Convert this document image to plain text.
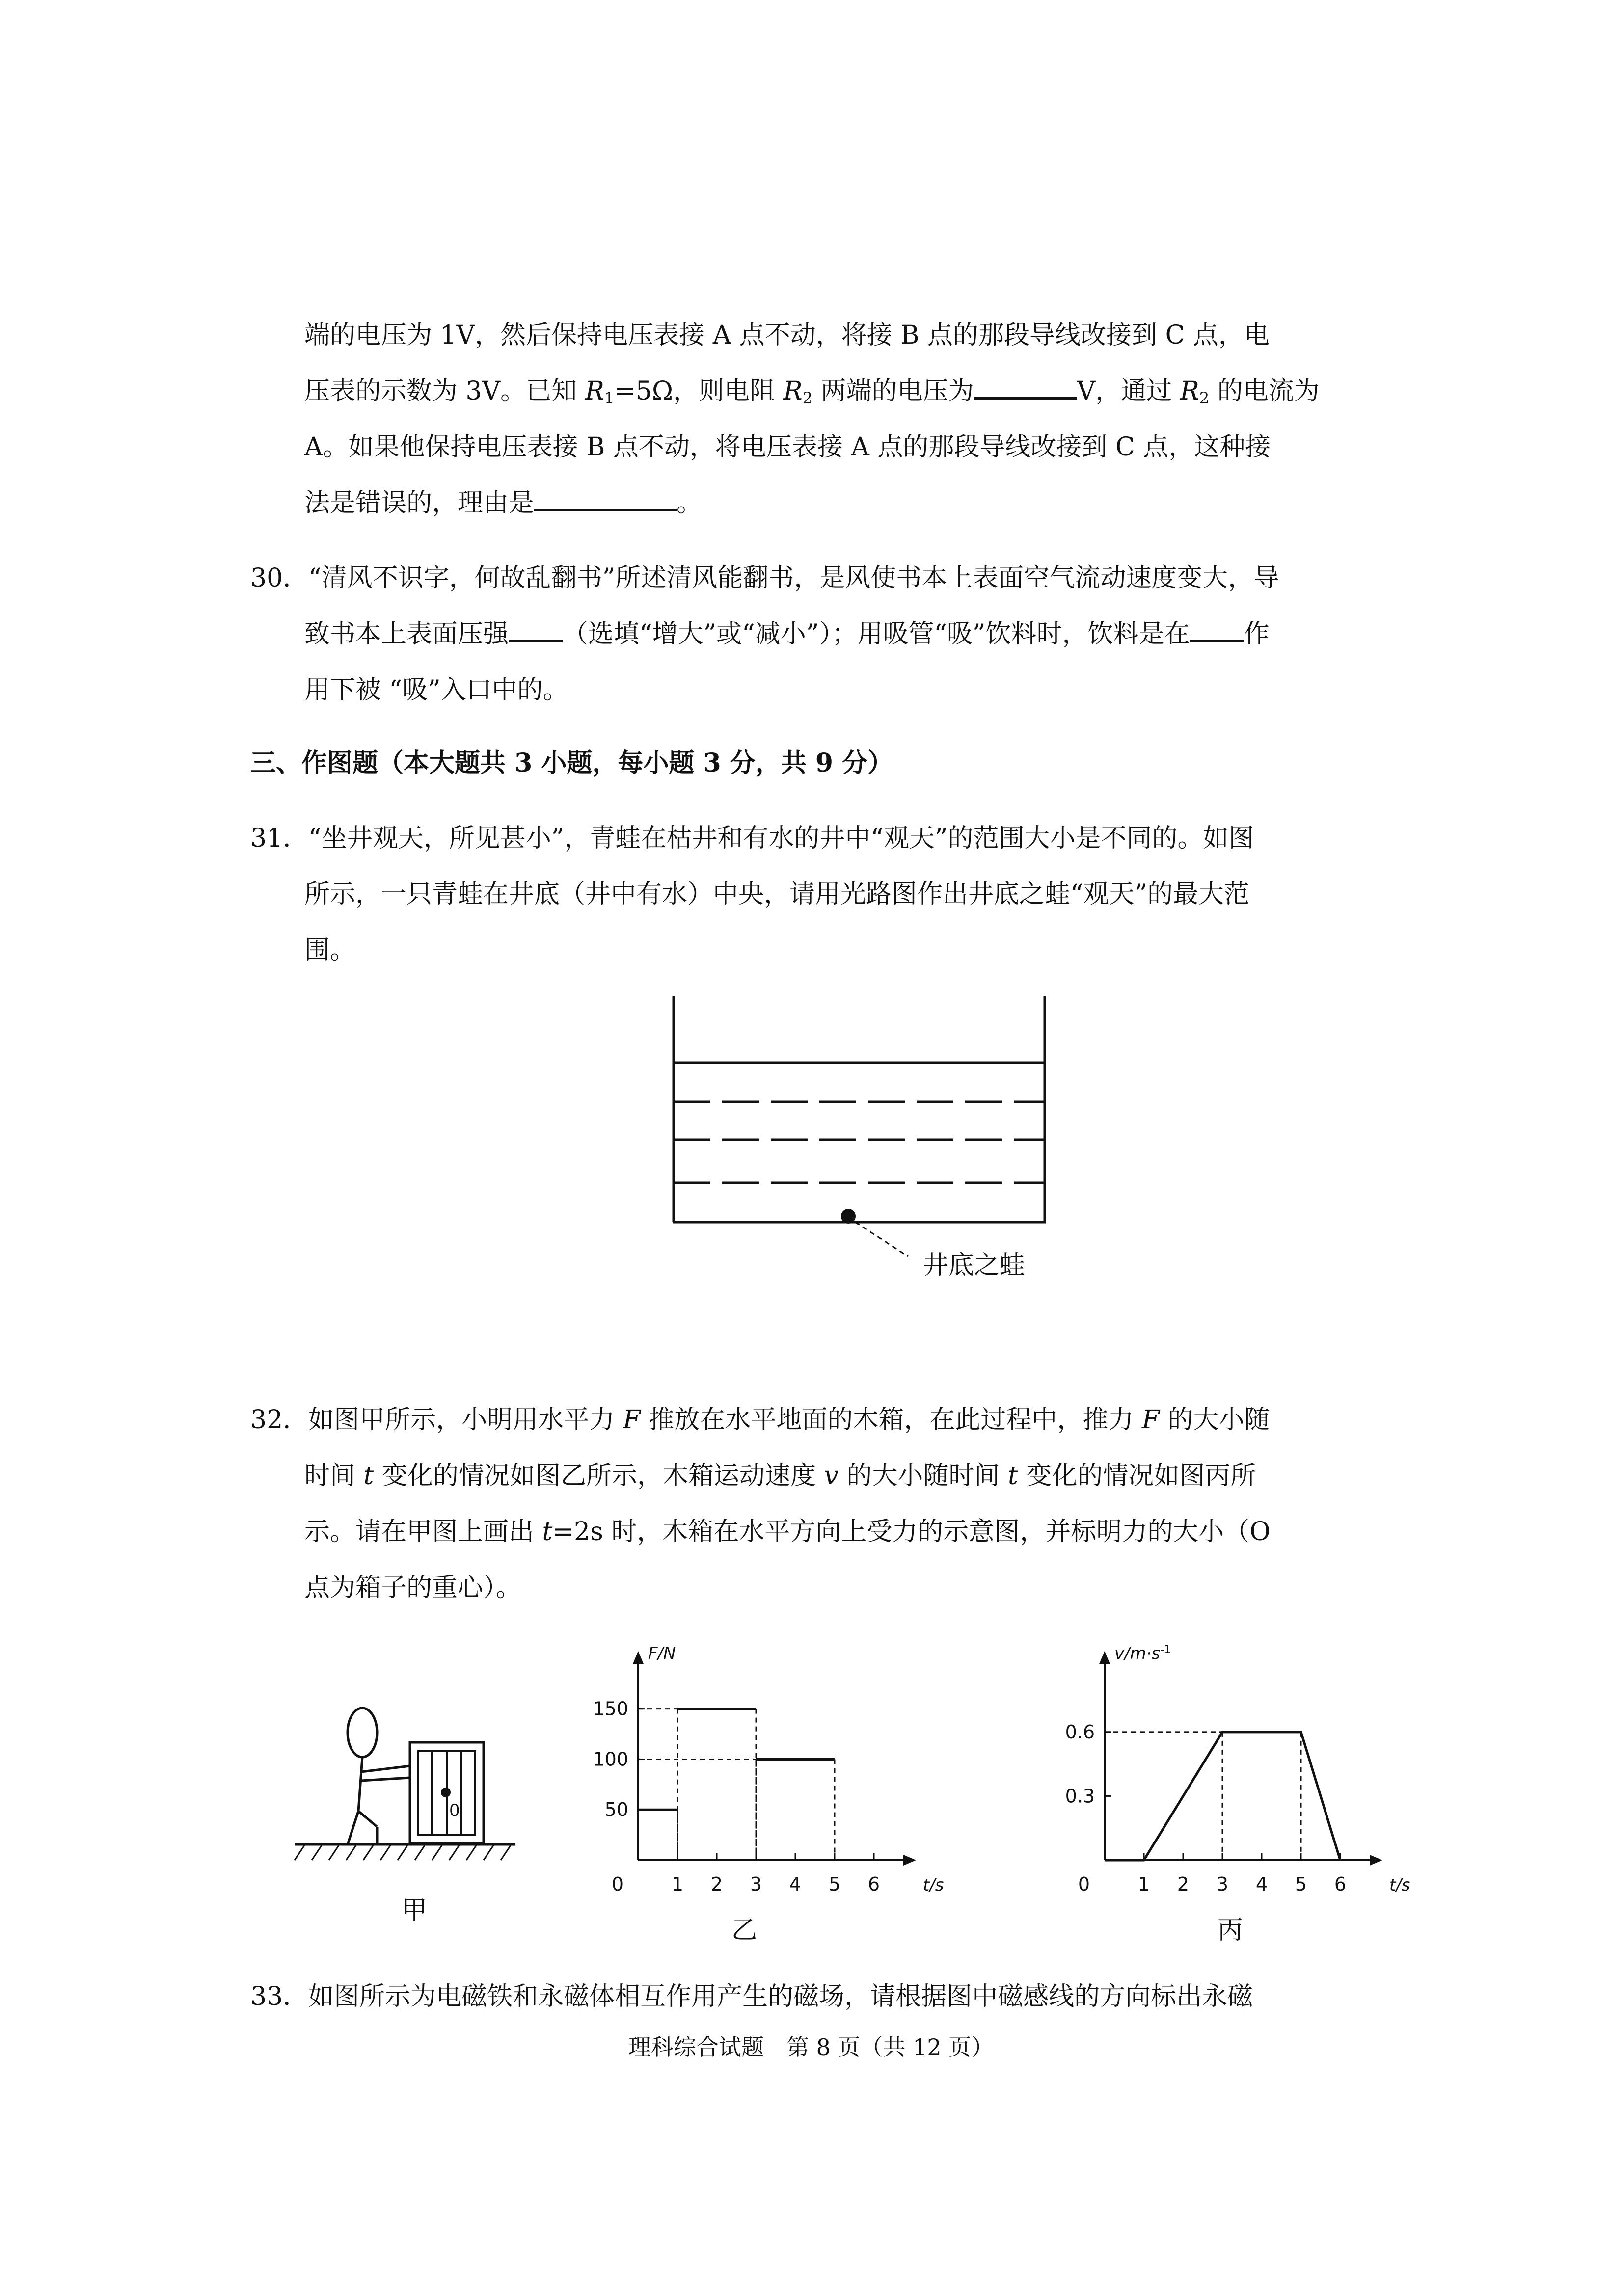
端的电压为 1V，然后保持电压表接 A 点不动，将接 B 点的那段导线改接到 C 点，电
压表的示数为 3V。已知 $R_1=5\Omega$，则电阻 $R_2$ 两端的电压为	V，通过 $R_2$ 的电流为
A。如果他保持电压表接 B 点不动，将电压表接 A 点的那段导线改接到 C 点，这种接
法是错误的，理由是	。
30．“清风不识字，何故乱翻书”所述清风能翻书，是风使书本上表面空气流动速度变大，导
致书本上表面压强 （选填“增大”或“减小”）；用吸管“吸”饮料时，饮料是在 作
用下被 “吸”入口中的。
三、作图题（本大题共 3 小题，每小题 3 分，共 9 分）
31．“坐井观天，所见甚小”，青蛙在枯井和有水的井中“观天”的范围大小是不同的。如图
所示，一只青蛙在井底（井中有水）中央，请用光路图作出井底之蛙“观天”的最大范
围。
井底之蛙
32．如图甲所示，小明用水平力 F 推放在水平地面的木箱，在此过程中，推力 F 的大小随
时间 t 变化的情况如图乙所示，木箱运动速度 v 的大小随时间 t 变化的情况如图丙所
示。请在甲图上画出 t=2s 时，木箱在水平方向上受力的示意图，并标明力的大小（O
点为箱子的重心）。
0
甲
1 2 3 4 5 6
50
100
150
0	t/s
F/N
乙
1 2 3 4 5 6
0.3
0.6
0	t/s
$v/m\cdot s^{-1}$
丙
33．如图所示为电磁铁和永磁体相互作用产生的磁场，请根据图中磁感线的方向标出永磁
理科综合试题　第 8 页（共 12 页）
